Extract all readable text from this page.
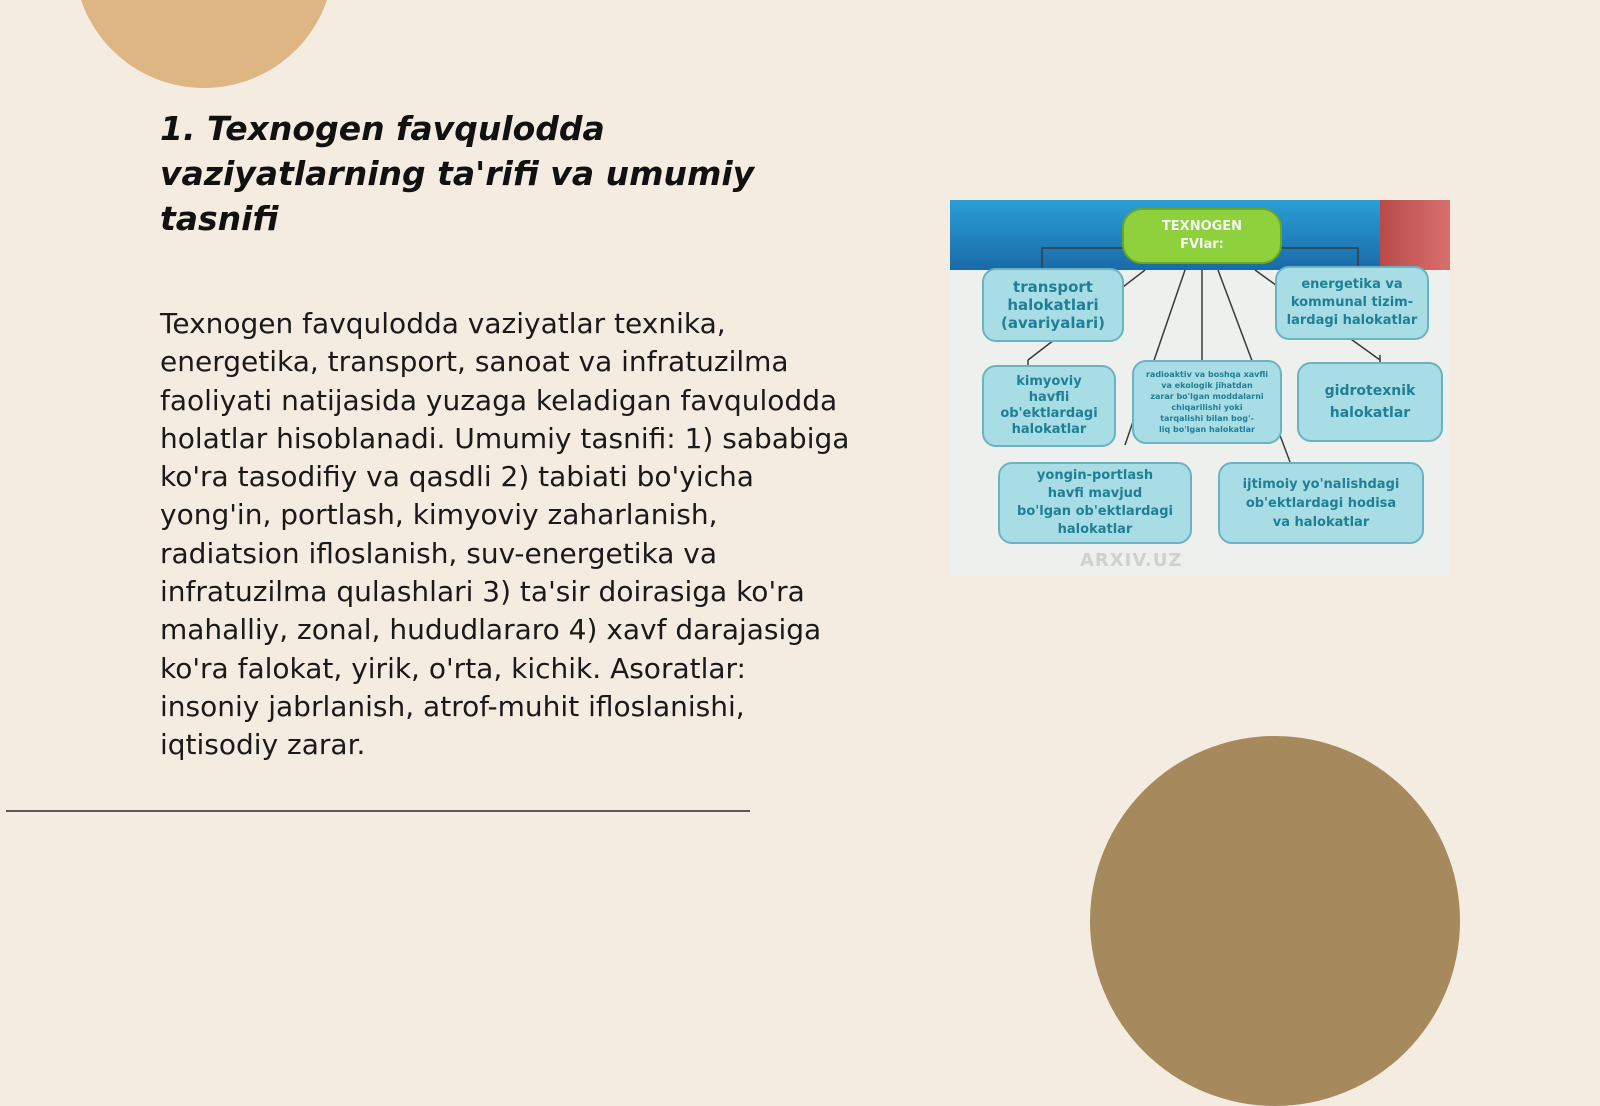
1. Texnogen favqulodda vaziyatlarning ta'rifi va umumiy tasnifi

Texnogen favqulodda vaziyatlar texnika, energetika, transport, sanoat va infratuzilma faoliyati natijasida yuzaga keladigan favqulodda holatlar hisoblanadi. Umumiy tasnifi: 1) sababiga ko'ra tasodifiy va qasdli 2) tabiati bo'yicha yong'in, portlash, kimyoviy zaharlanish, radiatsion ifloslanish, suv-energetika va infratuzilma qulashlari 3) ta'sir doirasiga ko'ra mahalliy, zonal, hududlararo 4) xavf darajasiga ko'ra falokat, yirik, o'rta, kichik. Asoratlar: insoniy jabrlanish, atrof-muhit ifloslanishi, iqtisodiy zarar.

TEXNOGEN
FVlar:
transport
halokatlari
(avariyalari)
energetika va
kommunal tizim-
lardagi halokatlar
kimyoviy
havfli
ob'ektlardagi
halokatlar
radioaktiv va boshqa xavfli
va ekologik jihatdan
zarar bo'lgan moddalarni
chiqarilishi yoki
tarqalishi bilan bog'-
liq bo'lgan halokatlar
gidrotexnik
halokatlar
yongin-portlash
havfi mavjud
bo'lgan ob'ektlardagi
halokatlar
ijtimoiy yo'nalishdagi
ob'ektlardagi hodisa
va halokatlar
ARXIV.UZ
